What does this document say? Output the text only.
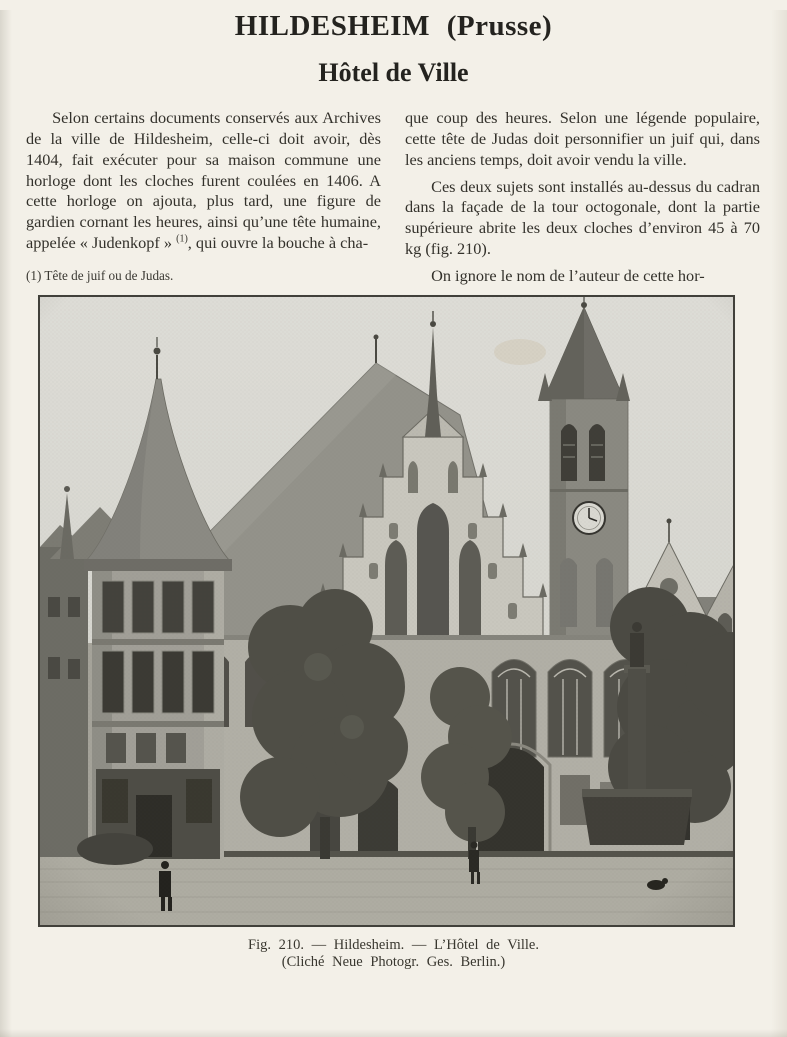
HILDESHEIM (Prusse)
Hôtel de Ville

Selon certains documents conservés aux Archives de la ville de Hildesheim, celle-ci doit avoir, dès 1404, fait exécuter pour sa maison commune une horloge dont les cloches furent coulées en 1406. A cette horloge on ajouta, plus tard, une figure de gardien cornant les heures, ainsi qu’une tête humaine, appelée « Judenkopf » $^{(1)}$, qui ouvre la bouche à cha-

(1) Tête de juif ou de Judas.

que coup des heures. Selon une légende populaire, cette tête de Judas doit personnifier un juif qui, dans les anciens temps, doit avoir vendu la ville.

Ces deux sujets sont installés au-dessus du cadran dans la façade de la tour octogonale, dont la partie supérieure abrite les deux cloches d’environ 45 à 70 kg (fig. 210).

On ignore le nom de l’auteur de cette hor-

Fig. 210. — Hildesheim. — L’Hôtel de Ville.
(Cliché Neue Photogr. Ges. Berlin.)
